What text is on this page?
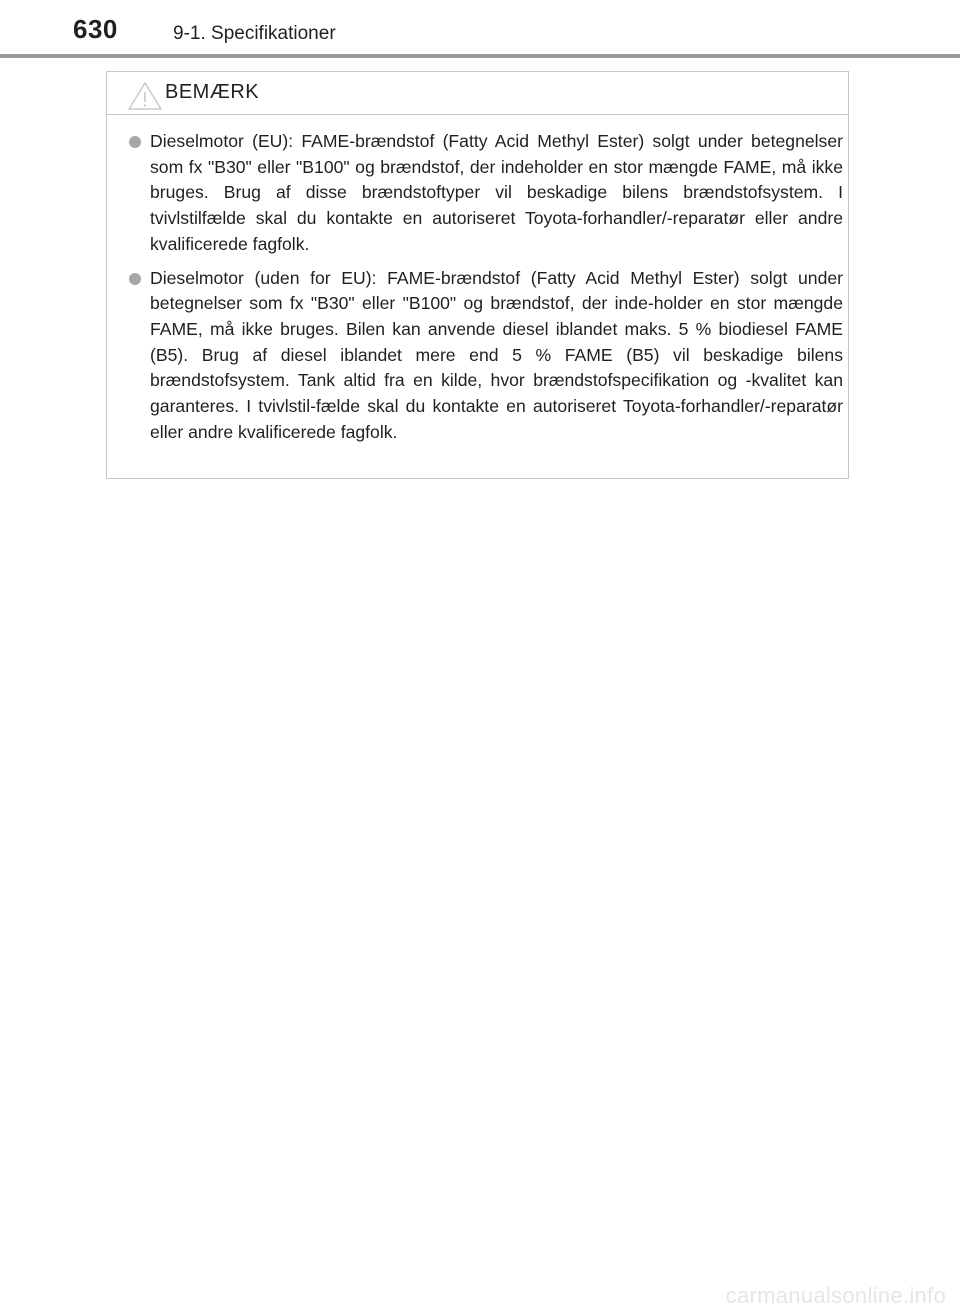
630	9-1. Specifikationer
BEMÆRK
Dieselmotor (EU): FAME-brændstof (Fatty Acid Methyl Ester) solgt under betegnelser som fx "B30" eller "B100" og brændstof, der indeholder en stor mængde FAME, må ikke bruges. Brug af disse brændstoftyper vil beskadige bilens brændstofsystem. I tvivlstilfælde skal du kontakte en autoriseret Toyota-forhandler/-reparatør eller andre kvalificerede fagfolk.
Dieselmotor (uden for EU): FAME-brændstof (Fatty Acid Methyl Ester) solgt under betegnelser som fx "B30" eller "B100" og brændstof, der inde-holder en stor mængde FAME, må ikke bruges. Bilen kan anvende diesel iblandet maks. 5 % biodiesel FAME (B5). Brug af diesel iblandet mere end 5 % FAME (B5) vil beskadige bilens brændstofsystem. Tank altid fra en kilde, hvor brændstofspecifikation og -kvalitet kan garanteres. I tvivlstil-fælde skal du kontakte en autoriseret Toyota-forhandler/-reparatør eller andre kvalificerede fagfolk.
carmanualsonline.info
